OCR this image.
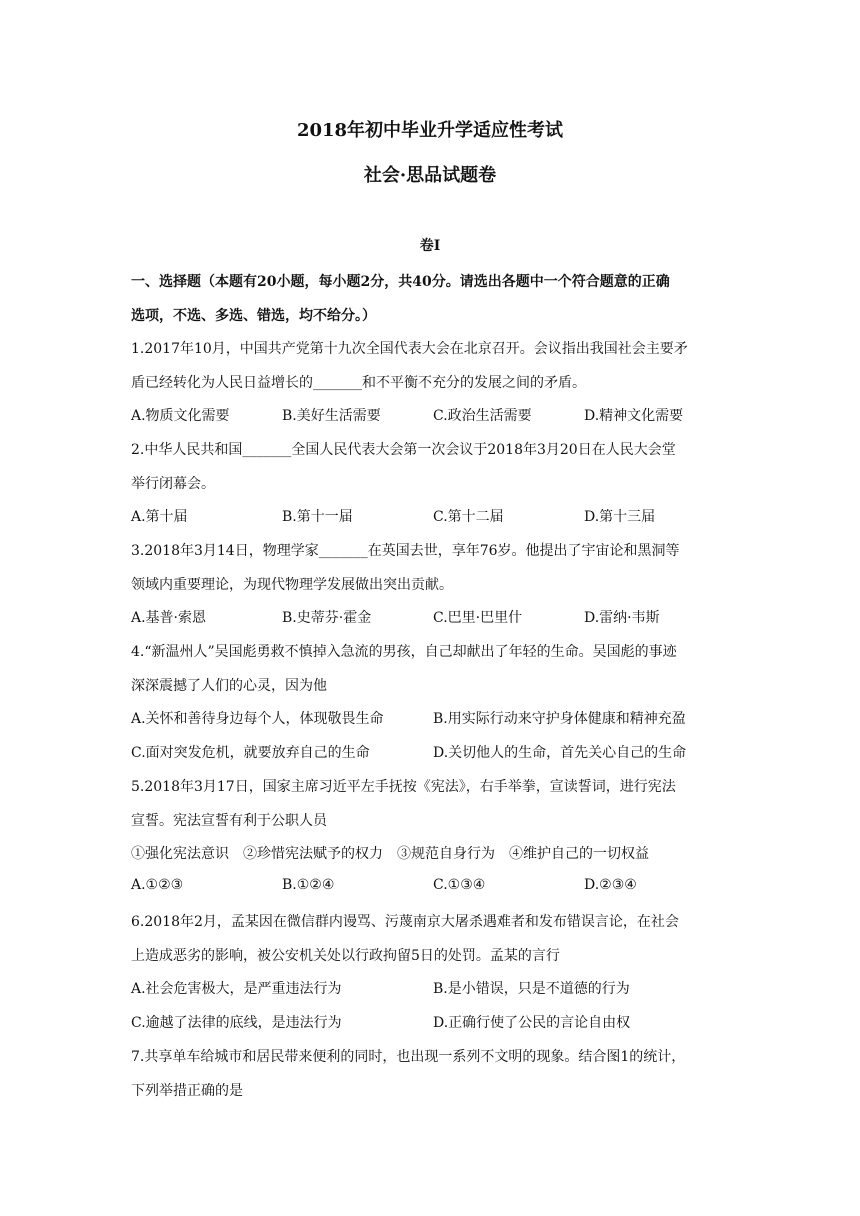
2018年初中毕业升学适应性考试
社会·思品试题卷
卷Ⅰ
一、选择题（本题有20小题，每小题2分，共40分。请选出各题中一个符合题意的正确
选项，不选、多选、错选，均不给分。）
1.2017年10月，中国共产党第十九次全国代表大会在北京召开。会议指出我国社会主要矛
盾已经转化为人民日益增长的_______和不平衡不充分的发展之间的矛盾。
A.物质文化需要	B.美好生活需要	C.政治生活需要	D.精神文化需要
2.中华人民共和国_______全国人民代表大会第一次会议于2018年3月20日在人民大会堂
举行闭幕会。
A.第十届	B.第十一届	C.第十二届	D.第十三届
3.2018年3月14日，物理学家_______在英国去世，享年76岁。他提出了宇宙论和黑洞等
领域内重要理论，为现代物理学发展做出突出贡献。
A.基普·索恩	B.史蒂芬·霍金	C.巴里·巴里什	D.雷纳·韦斯
4.“新温州人”吴国彪勇救不慎掉入急流的男孩，自己却献出了年轻的生命。吴国彪的事迹
深深震撼了人们的心灵，因为他
A.关怀和善待身边每个人，体现敬畏生命	B.用实际行动来守护身体健康和精神充盈
C.面对突发危机，就要放弃自己的生命	D.关切他人的生命，首先关心自己的生命
5.2018年3月17日，国家主席习近平左手抚按《宪法》，右手举拳，宣读誓词，进行宪法
宣誓。宪法宣誓有利于公职人员
①强化宪法意识　②珍惜宪法赋予的权力　③规范自身行为　④维护自己的一切权益
A.①②③	B.①②④	C.①③④	D.②③④
6.2018年2月，孟某因在微信群内谩骂、污蔑南京大屠杀遇难者和发布错误言论，在社会
上造成恶劣的影响，被公安机关处以行政拘留5日的处罚。孟某的言行
A.社会危害极大，是严重违法行为	B.是小错误，只是不道德的行为
C.逾越了法律的底线，是违法行为	D.正确行使了公民的言论自由权
7.共享单车给城市和居民带来便利的同时，也出现一系列不文明的现象。结合图1的统计，
下列举措正确的是
